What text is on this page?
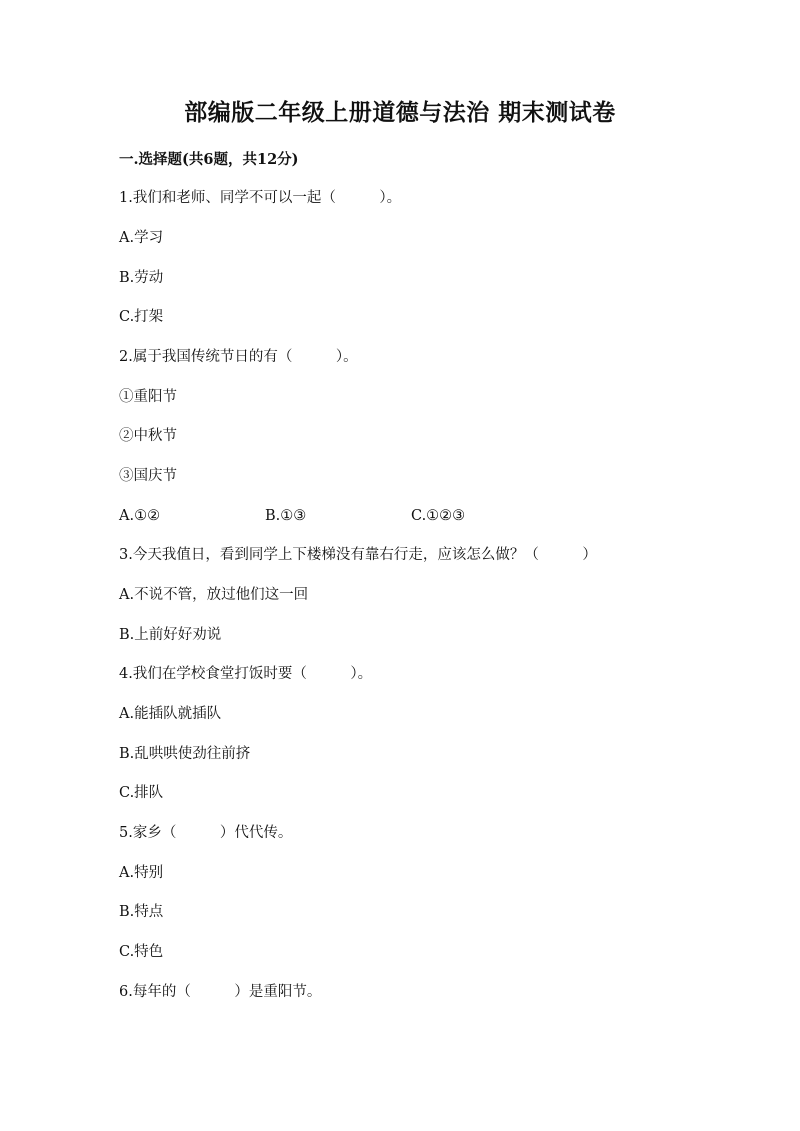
部编版二年级上册道德与法治 期末测试卷
一.选择题(共6题，共12分)
1.我们和老师、同学不可以一起（　　　）。
A.学习
B.劳动
C.打架
2.属于我国传统节日的有（　　　）。
①重阳节
②中秋节
③国庆节
A.①②	B.①③	C.①②③
3.今天我值日，看到同学上下楼梯没有靠右行走，应该怎么做？（　　　）
A.不说不管，放过他们这一回
B.上前好好劝说
4.我们在学校食堂打饭时要（　　　）。
A.能插队就插队
B.乱哄哄使劲往前挤
C.排队
5.家乡（　　　）代代传。
A.特别
B.特点
C.特色
6.每年的（　　　）是重阳节。
